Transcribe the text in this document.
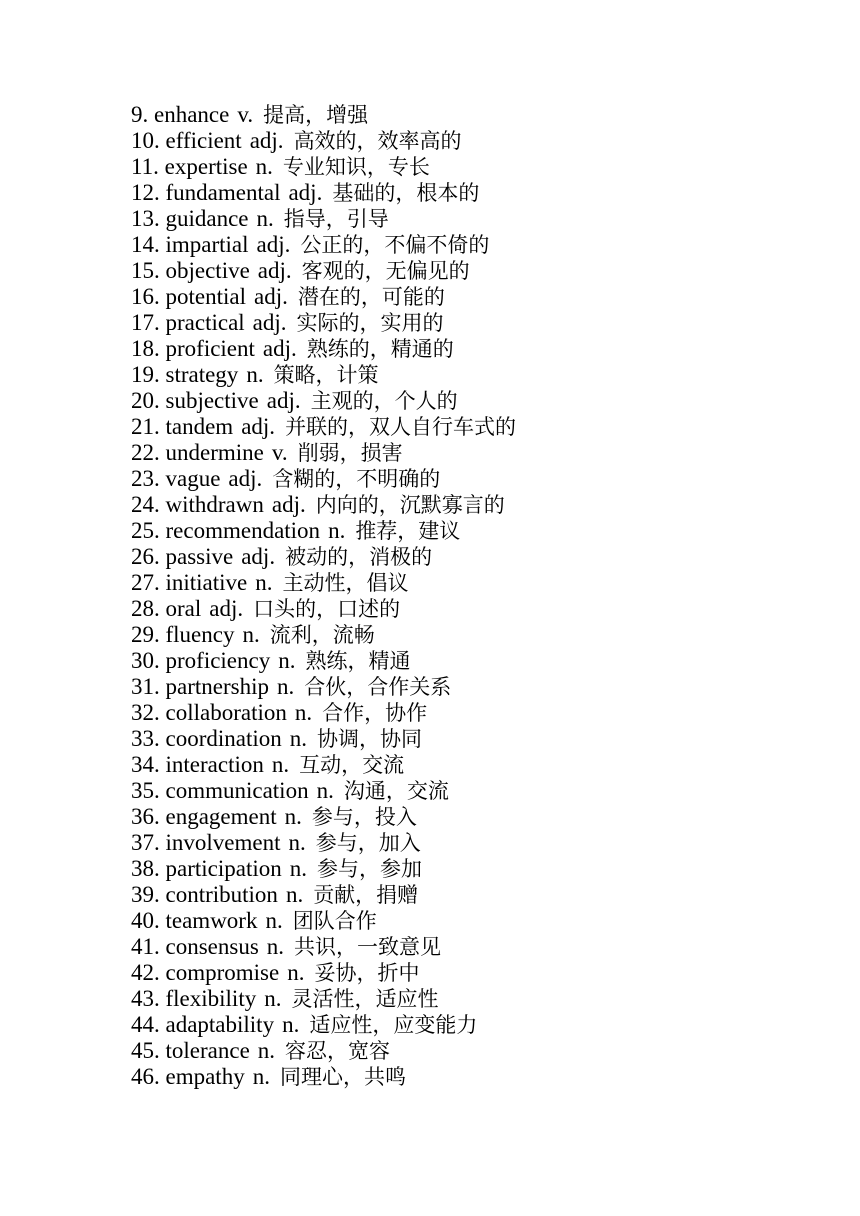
9. enhance v. 提高，增强
10. efficient adj. 高效的，效率高的
11. expertise n. 专业知识，专长
12. fundamental adj. 基础的，根本的
13. guidance n. 指导，引导
14. impartial adj. 公正的，不偏不倚的
15. objective adj. 客观的，无偏见的
16. potential adj. 潜在的，可能的
17. practical adj. 实际的，实用的
18. proficient adj. 熟练的，精通的
19. strategy n. 策略，计策
20. subjective adj. 主观的，个人的
21. tandem adj. 并联的，双人自行车式的
22. undermine v. 削弱，损害
23. vague adj. 含糊的，不明确的
24. withdrawn adj. 内向的，沉默寡言的
25. recommendation n. 推荐，建议
26. passive adj. 被动的，消极的
27. initiative n. 主动性，倡议
28. oral adj. 口头的，口述的
29. fluency n. 流利，流畅
30. proficiency n. 熟练，精通
31. partnership n. 合伙，合作关系
32. collaboration n. 合作，协作
33. coordination n. 协调，协同
34. interaction n. 互动，交流
35. communication n. 沟通，交流
36. engagement n. 参与，投入
37. involvement n. 参与，加入
38. participation n. 参与，参加
39. contribution n. 贡献，捐赠
40. teamwork n. 团队合作
41. consensus n. 共识，一致意见
42. compromise n. 妥协，折中
43. flexibility n. 灵活性，适应性
44. adaptability n. 适应性，应变能力
45. tolerance n. 容忍，宽容
46. empathy n. 同理心，共鸣
